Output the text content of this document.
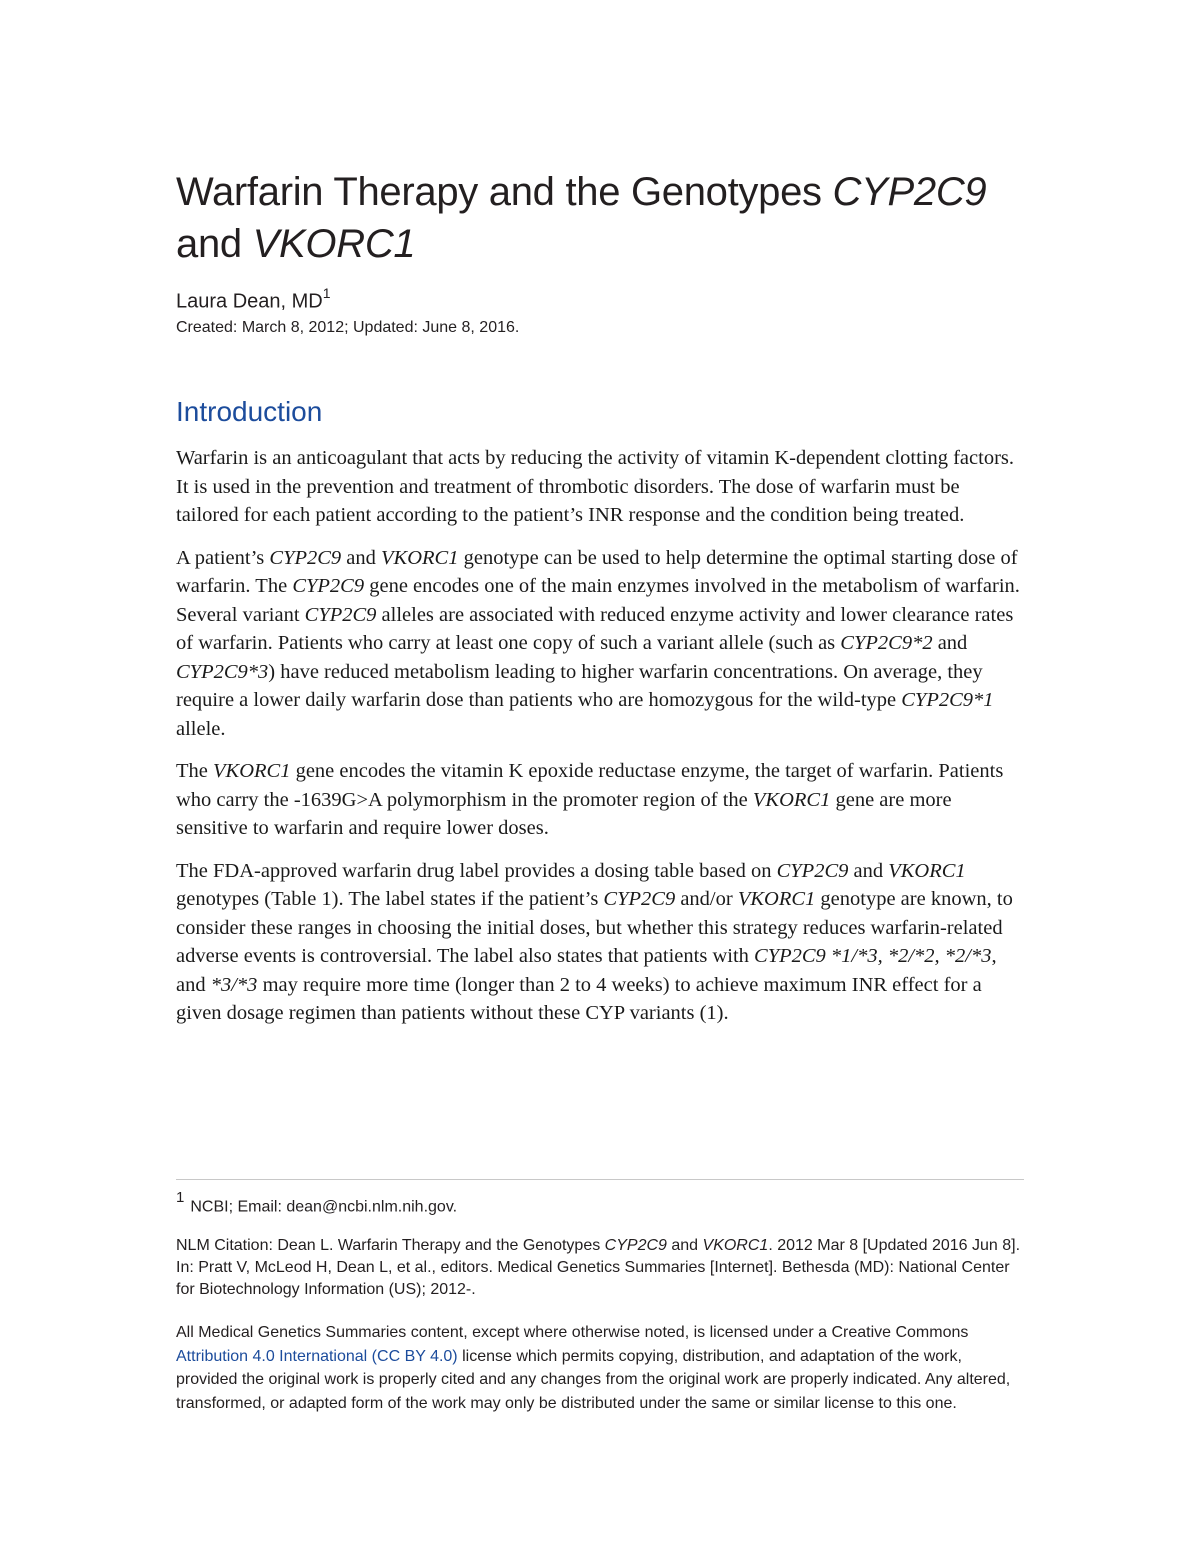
Warfarin Therapy and the Genotypes CYP2C9
and VKORC1
Laura Dean, $MD^1$
Created: March 8, 2012; Updated: June 8, 2016.
Introduction

Warfarin is an anticoagulant that acts by reducing the activity of vitamin K-dependent clotting factors. It is used in the prevention and treatment of thrombotic disorders. The dose of warfarin must be tailored for each patient according to the patient’s INR response and the condition being treated.

A patient’s CYP2C9 and VKORC1 genotype can be used to help determine the optimal starting dose of warfarin. The CYP2C9 gene encodes one of the main enzymes involved in the metabolism of warfarin. Several variant CYP2C9 alleles are associated with reduced enzyme activity and lower clearance rates of warfarin. Patients who carry at least one copy of such a variant allele (such as CYP2C9*2 and CYP2C9*3) have reduced metabolism leading to higher warfarin concentrations. On average, they require a lower daily warfarin dose than patients who are homozygous for the wild-type CYP2C9*1 allele.

The VKORC1 gene encodes the vitamin K epoxide reductase enzyme, the target of warfarin. Patients who carry the -1639G>A polymorphism in the promoter region of the VKORC1 gene are more sensitive to warfarin and require lower doses.

The FDA-approved warfarin drug label provides a dosing table based on CYP2C9 and VKORC1 genotypes (Table 1). The label states if the patient’s CYP2C9 and/or VKORC1 genotype are known, to consider these ranges in choosing the initial doses, but whether this strategy reduces warfarin-related adverse events is controversial. The label also states that patients with CYP2C9 *1/*3, *2/*2, *2/*3, and *3/*3 may require more time (longer than 2 to 4 weeks) to achieve maximum INR effect for a given dosage regimen than patients without these CYP variants (1).

$^1$NCBI; Email: dean@ncbi.nlm.nih.gov.
NLM Citation: Dean L. Warfarin Therapy and the Genotypes CYP2C9 and VKORC1. 2012 Mar 8 [Updated 2016 Jun 8]. In: Pratt V, McLeod H, Dean L, et al., editors. Medical Genetics Summaries [Internet]. Bethesda (MD): National Center for Biotechnology Information (US); 2012-.
All Medical Genetics Summaries content, except where otherwise noted, is licensed under a Creative Commons Attribution 4.0 International (CC BY 4.0) license which permits copying, distribution, and adaptation of the work, provided the original work is properly cited and any changes from the original work are properly indicated. Any altered, transformed, or adapted form of the work may only be distributed under the same or similar license to this one.
